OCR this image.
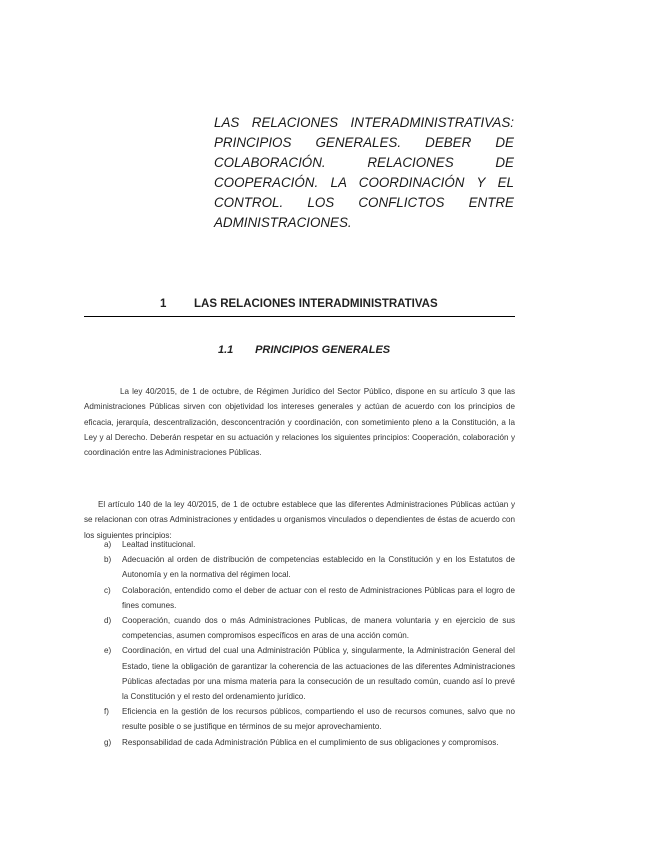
LAS RELACIONES INTERADMINISTRATIVAS: PRINCIPIOS GENERALES. DEBER DE COLABORACIÓN. RELACIONES DE COOPERACIÓN. LA COORDINACIÓN Y EL CONTROL. LOS CONFLICTOS ENTRE ADMINISTRACIONES.
1 LAS RELACIONES INTERADMINISTRATIVAS
1.1 PRINCIPIOS GENERALES

La ley 40/2015, de 1 de octubre, de Régimen Jurídico del Sector Público, dispone en su artículo 3 que las Administraciones Públicas sirven con objetividad los intereses generales y actúan de acuerdo con los principios de eficacia, jerarquía, descentralización, desconcentración y coordinación, con sometimiento pleno a la Constitución, a la Ley y al Derecho. Deberán respetar en su actuación y relaciones los siguientes principios: Cooperación, colaboración y coordinación entre las Administraciones Públicas.

El artículo 140 de la ley 40/2015, de 1 de octubre establece que las diferentes Administraciones Públicas actúan y se relacionan con otras Administraciones y entidades u organismos vinculados o dependientes de éstas de acuerdo con los siguientes principios:

a) Lealtad institucional.
b) Adecuación al orden de distribución de competencias establecido en la Constitución y en los Estatutos de Autonomía y en la normativa del régimen local.
c) Colaboración, entendido como el deber de actuar con el resto de Administraciones Públicas para el logro de fines comunes.
d) Cooperación, cuando dos o más Administraciones Publicas, de manera voluntaria y en ejercicio de sus competencias, asumen compromisos específicos en aras de una acción común.
e) Coordinación, en virtud del cual una Administración Pública y, singularmente, la Administración General del Estado, tiene la obligación de garantizar la coherencia de las actuaciones de las diferentes Administraciones Públicas afectadas por una misma materia para la consecución de un resultado común, cuando así lo prevé la Constitución y el resto del ordenamiento jurídico.
f) Eficiencia en la gestión de los recursos públicos, compartiendo el uso de recursos comunes, salvo que no resulte posible o se justifique en términos de su mejor aprovechamiento.
g) Responsabilidad de cada Administración Pública en el cumplimiento de sus obligaciones y compromisos.
